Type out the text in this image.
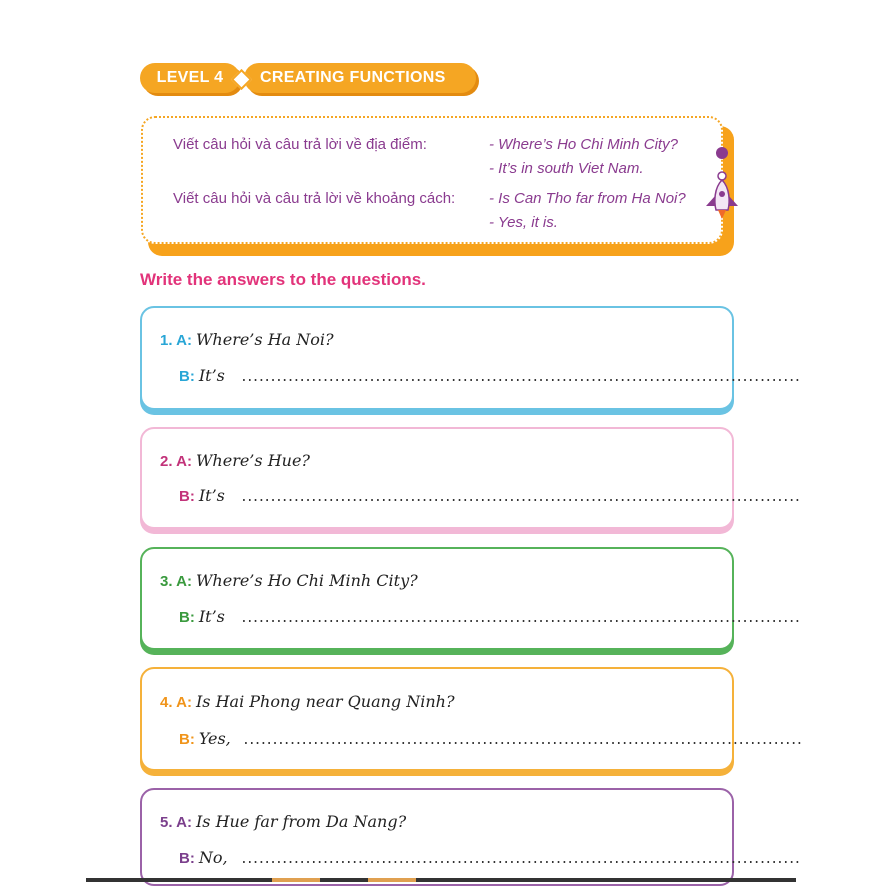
LEVEL 4	CREATING FUNCTIONS
Viết câu hỏi và câu trả lời về địa điểm:	- Where’s Ho Chi Minh City?
- It’s in south Viet Nam.
Viết câu hỏi và câu trả lời về khoảng cách: - Is Can Tho far from Ha Noi?
- Yes, it is.
Write the answers to the questions.
1. A: Where’s Ha Noi?
B: It’s ................................................................................................
2. A: Where’s Hue?
B: It’s ................................................................................................
3. A: Where’s Ho Chi Minh City?
B: It’s ................................................................................................
4. A: Is Hai Phong near Quang Ninh?
B: Yes, ................................................................................................
5. A: Is Hue far from Da Nang?
B: No, ................................................................................................
